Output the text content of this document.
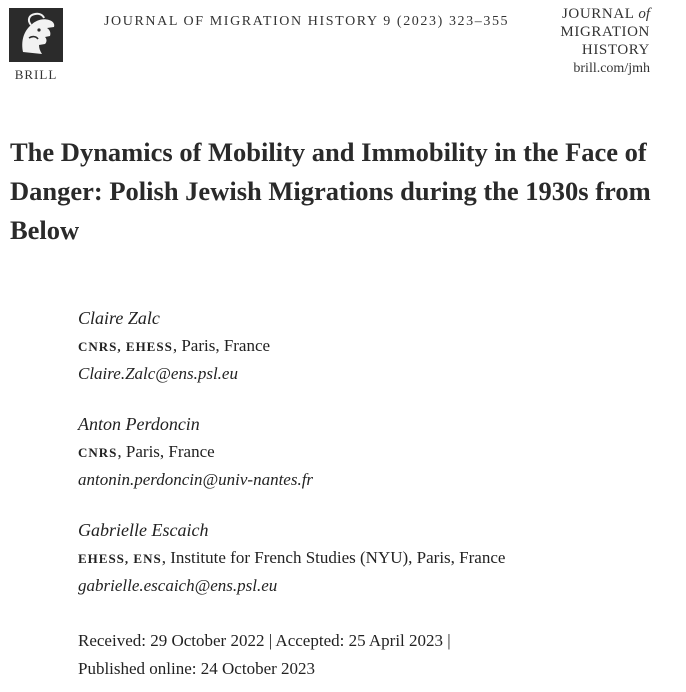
BRILL
JOURNAL OF MIGRATION HISTORY 9 (2023) 323–355	JOURNAL of
MIGRATION
HISTORY
brill.com/jmh
The Dynamics of Mobility and Immobility in the Face of Danger: Polish Jewish Migrations during the 1930s from Below
Claire Zalc
CNRS, EHESS, Paris, France
Claire.Zalc@ens.psl.eu
Anton Perdoncin
CNRS, Paris, France
antonin.perdoncin@univ-nantes.fr
Gabrielle Escaich
EHESS, ENS, Institute for French Studies (NYU), Paris, France
gabrielle.escaich@ens.psl.eu
Received: 29 October 2022 | Accepted: 25 April 2023 |
Published online: 24 October 2023
